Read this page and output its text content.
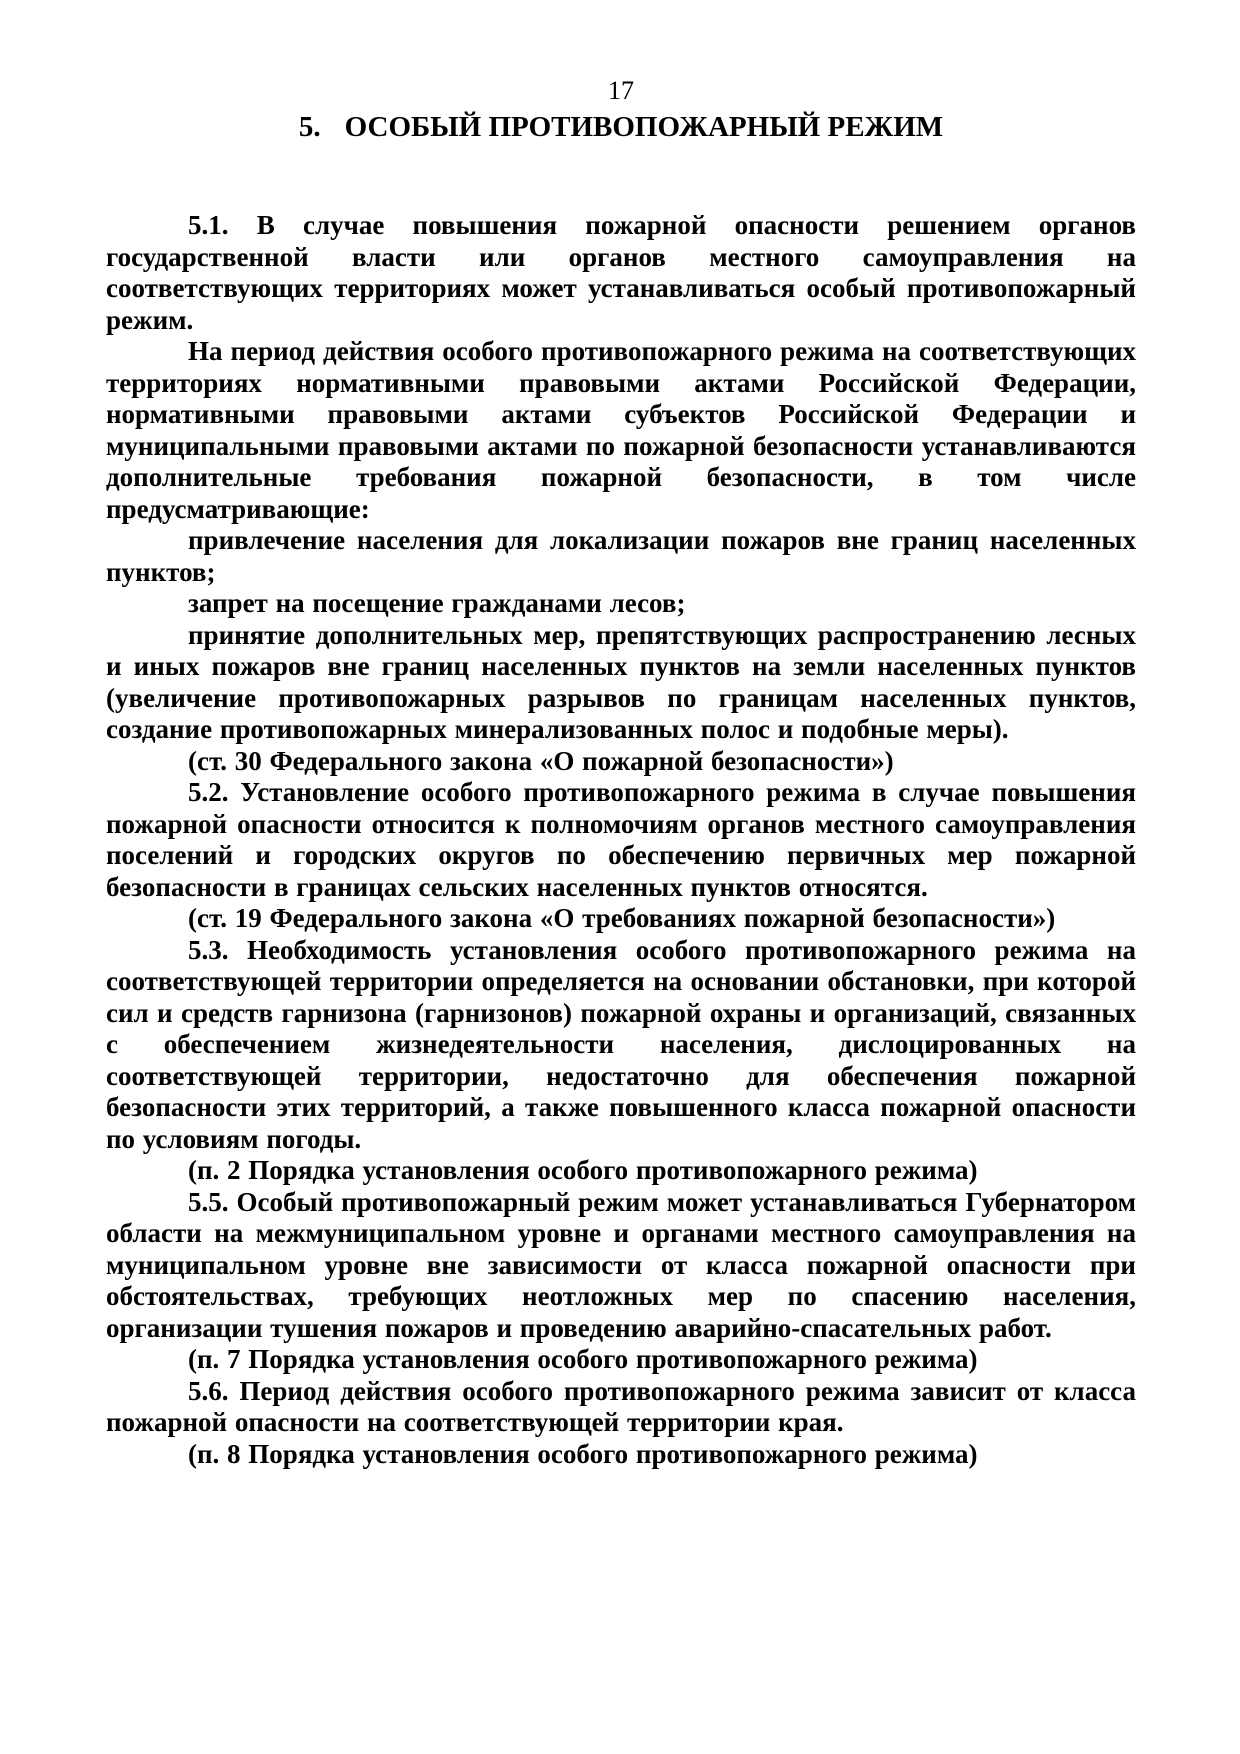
17
5. ОСОБЫЙ ПРОТИВОПОЖАРНЫЙ РЕЖИМ

5.1. В случае повышения пожарной опасности решением органов государственной власти или органов местного самоуправления на соответствующих территориях может устанавливаться особый противопожарный режим.

На период действия особого противопожарного режима на соответствующих территориях нормативными правовыми актами Российской Федерации, нормативными правовыми актами субъектов Российской Федерации и муниципальными правовыми актами по пожарной безопасности устанавливаются дополнительные требования пожарной безопасности, в том числе предусматривающие:

привлечение населения для локализации пожаров вне границ населенных пунктов;

запрет на посещение гражданами лесов;

принятие дополнительных мер, препятствующих распространению лесных и иных пожаров вне границ населенных пунктов на земли населенных пунктов (увеличение противопожарных разрывов по границам населенных пунктов, создание противопожарных минерализованных полос и подобные меры).

(ст. 30 Федерального закона «О пожарной безопасности»)

5.2. Установление особого противопожарного режима в случае повышения пожарной опасности относится к полномочиям органов местного самоуправления поселений и городских округов по обеспечению первичных мер пожарной безопасности в границах сельских населенных пунктов относятся.

(ст. 19 Федерального закона «О требованиях пожарной безопасности»)

5.3. Необходимость установления особого противопожарного режима на соответствующей территории определяется на основании обстановки, при которой сил и средств гарнизона (гарнизонов) пожарной охраны и организаций, связанных с обеспечением жизнедеятельности населения, дислоцированных на соответствующей территории, недостаточно для обеспечения пожарной безопасности этих территорий, а также повышенного класса пожарной опасности по условиям погоды.

(п. 2 Порядка установления особого противопожарного режима)

5.5. Особый противопожарный режим может устанавливаться Губернатором области на межмуниципальном уровне и органами местного самоуправления на муниципальном уровне вне зависимости от класса пожарной опасности при обстоятельствах, требующих неотложных мер по спасению населения, организации тушения пожаров и проведению аварийно-спасательных работ.

(п. 7 Порядка установления особого противопожарного режима)

5.6. Период действия особого противопожарного режима зависит от класса пожарной опасности на соответствующей территории края.

(п. 8 Порядка установления особого противопожарного режима)
